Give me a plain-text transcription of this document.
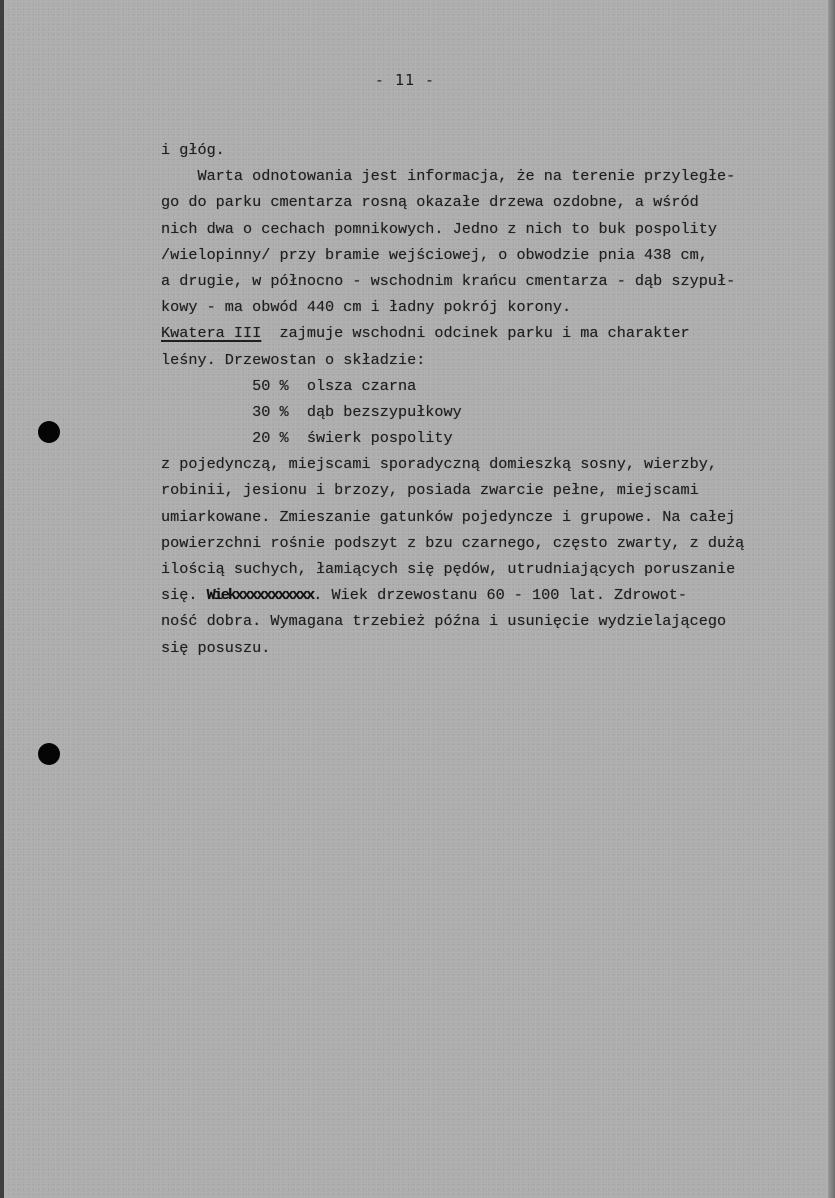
- 11 -
i głóg.
Warta odnotowania jest informacja, że na terenie przyległe-
go do parku cmentarza rosną okazałe drzewa ozdobne, a wśród
nich dwa o cechach pomnikowych. Jedno z nich to buk pospolity
/wielopinny/ przy bramie wejściowej, o obwodzie pnia 438 cm,
a drugie, w północno - wschodnim krańcu cmentarza - dąb szypuł-
kowy - ma obwód 440 cm i ładny pokrój korony.
Kwatera III  zajmuje wschodni odcinek parku i ma charakter
leśny. Drzewostan o składzie:
50 %  olsza czarna
30 %  dąb bezszypułkowy
20 %  świerk pospolity
z pojedynczą, miejscami sporadyczną domieszką sosny, wierzby,
robinii, jesionu i brzozy, posiada zwarcie pełne, miejscami
umiarkowane. Zmieszanie gatunków pojedyncze i grupowe. Na całej
powierzchni rośnie podszyt z bzu czarnego, często zwarty, z dużą
ilością suchych, łamiących się pędów, utrudniających poruszanie
się. Wiekxxxxxxxxxxx. Wiek drzewostanu 60 - 100 lat. Zdrowot-
ność dobra. Wymagana trzebież późna i usunięcie wydzielającego
się posuszu.
